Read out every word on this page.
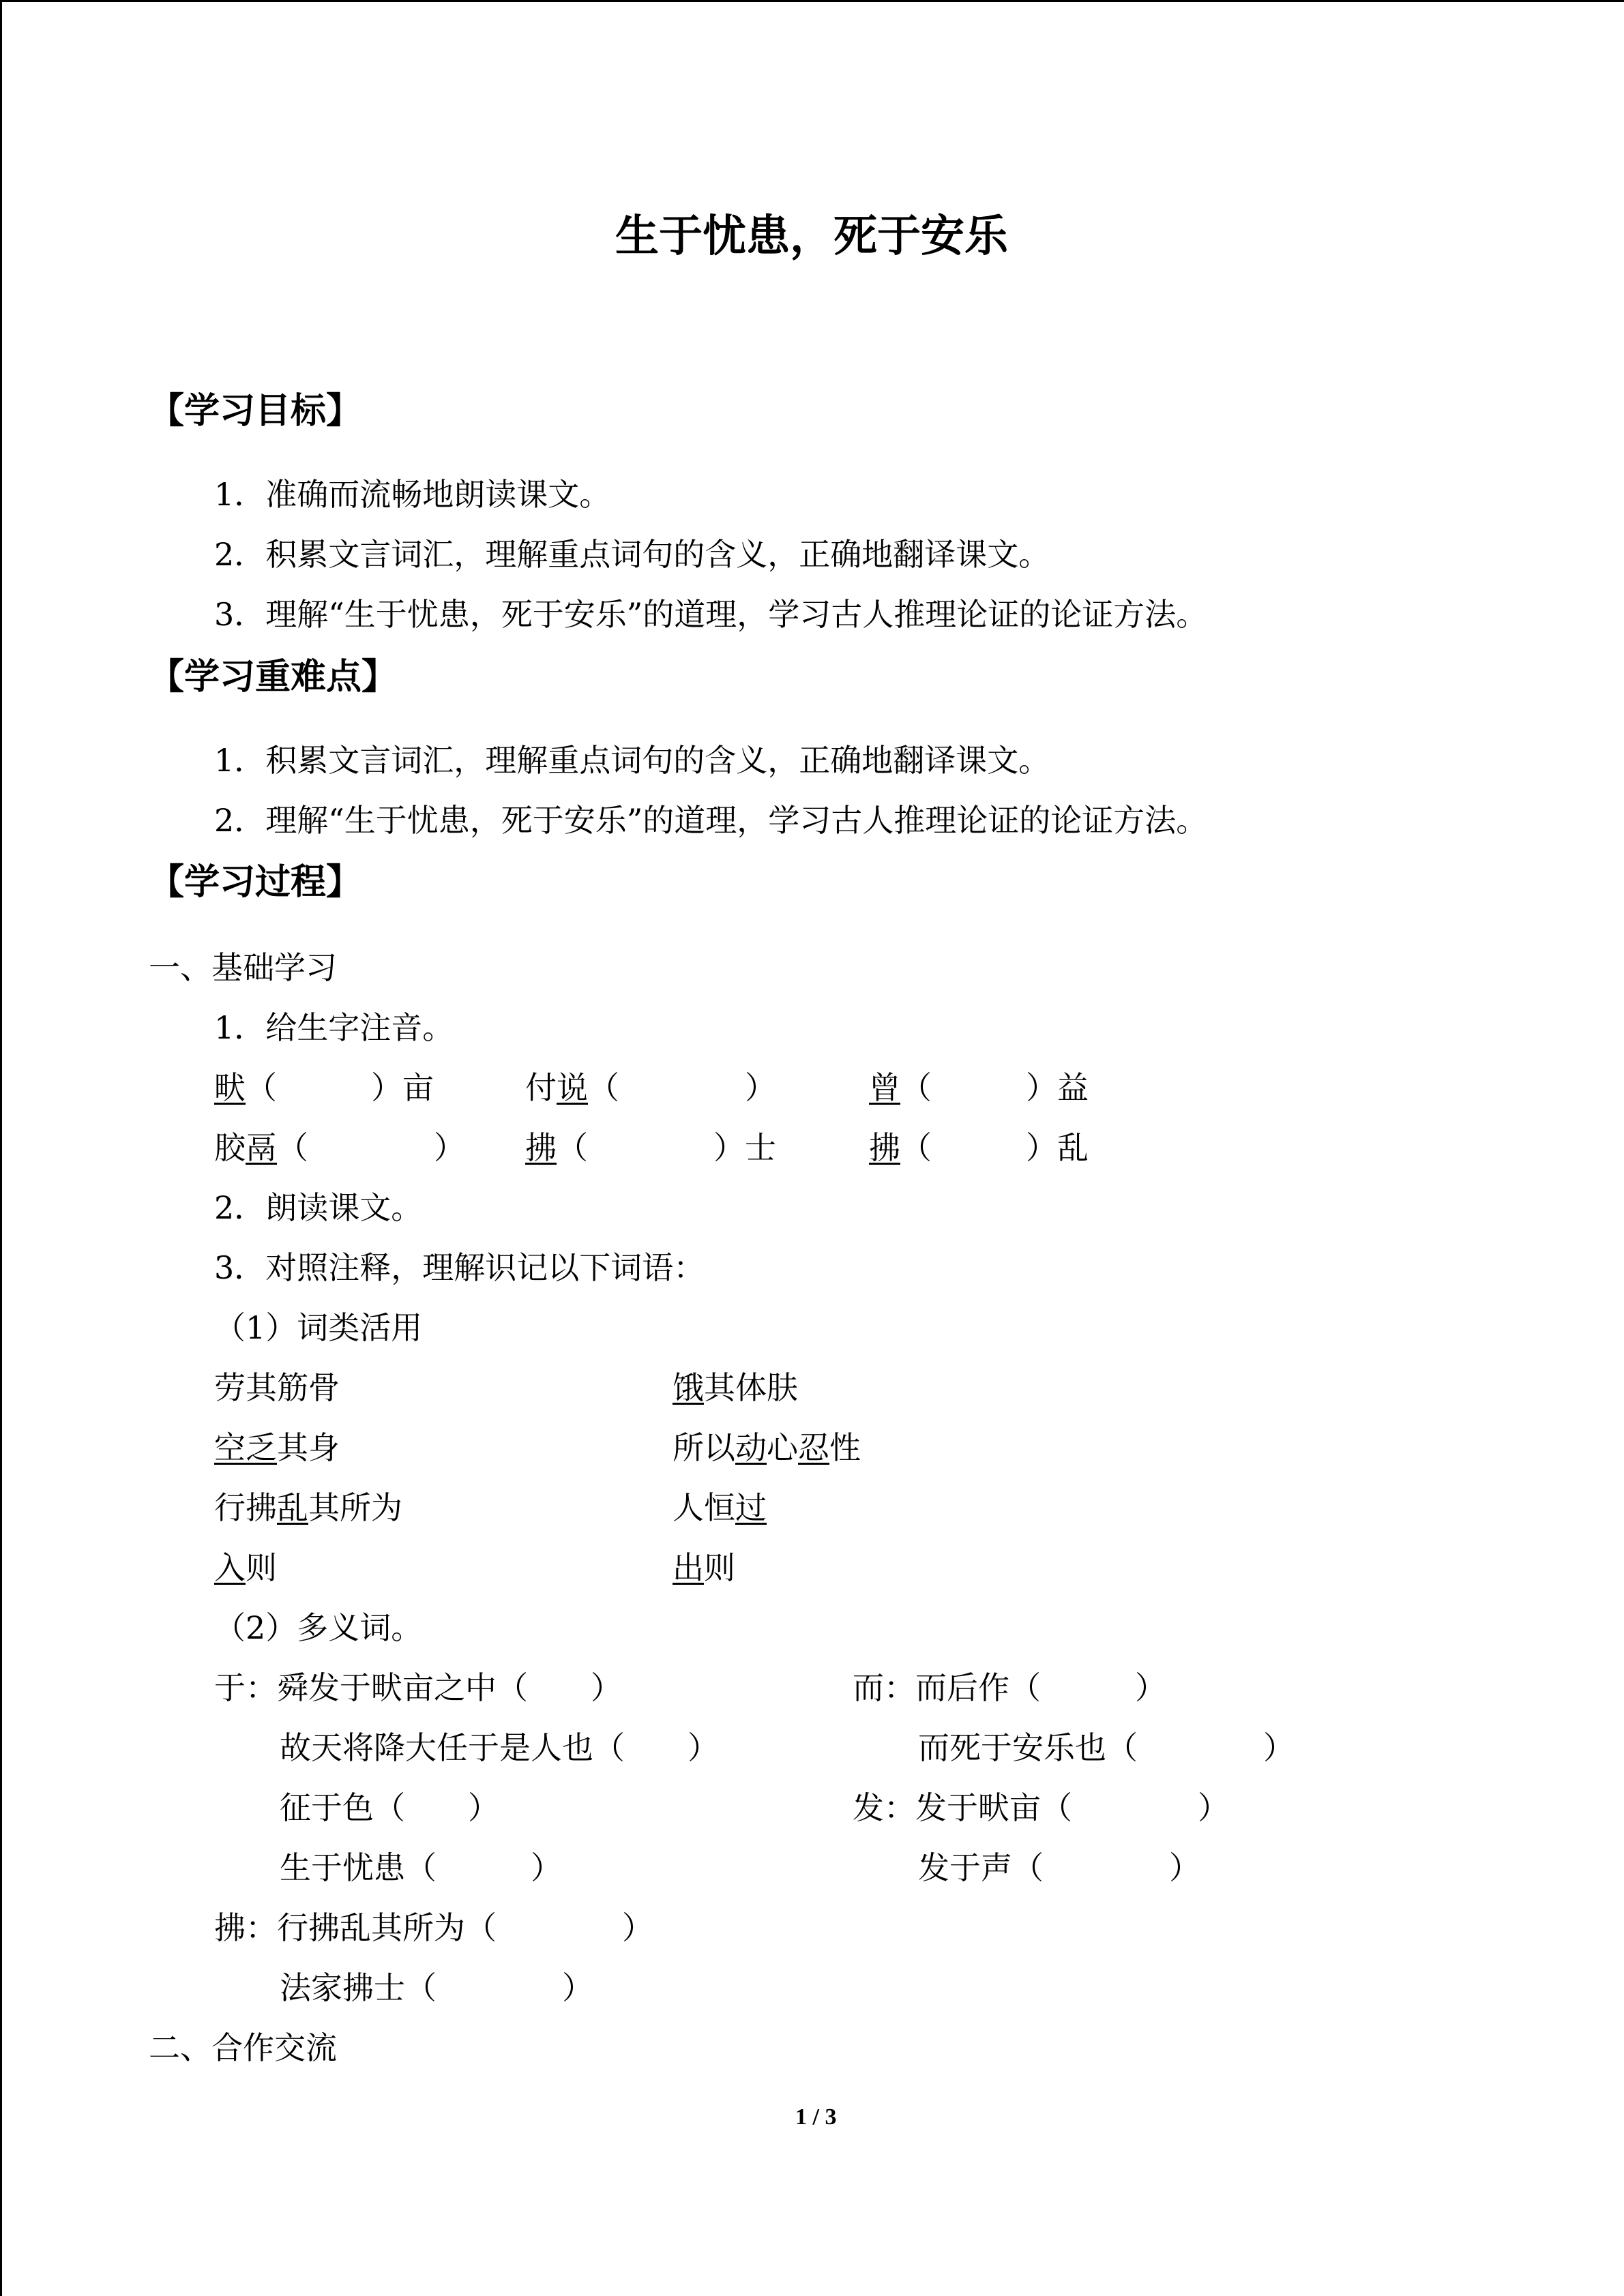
生于忧患，死于安乐
【学习目标】
1．准确而流畅地朗读课文。
2．积累文言词汇，理解重点词句的含义，正确地翻译课文。
3．理解“生于忧患，死于安乐”的道理，学习古人推理论证的论证方法。
【学习重难点】
1．积累文言词汇，理解重点词句的含义，正确地翻译课文。
2．理解“生于忧患，死于安乐”的道理，学习古人推理论证的论证方法。
【学习过程】
一、基础学习
1．给生字注音。
畎（　　　）亩	付说（　　　　）	曾（　　　）益
胶鬲（　　　　） 拂（　　　　）士	拂（　　　）乱
2．朗读课文。
3．对照注释，理解识记以下词语：
（1）词类活用
劳其筋骨	饿其体肤
空乏其身	所以动心忍性
行拂乱其所为	人恒过
入则	出则
（2）多义词。
于：舜发于畎亩之中（　　）
故天将降大任于是人也（　　）
征于色（　　）
生于忧患（　　　）
而：而后作（　　　）
而死于安乐也（　　　　）
发：发于畎亩（　　　　）
发于声（　　　　）
拂：行拂乱其所为（　　　　）
法家拂士（　　　　）
二、合作交流
1 / 3
